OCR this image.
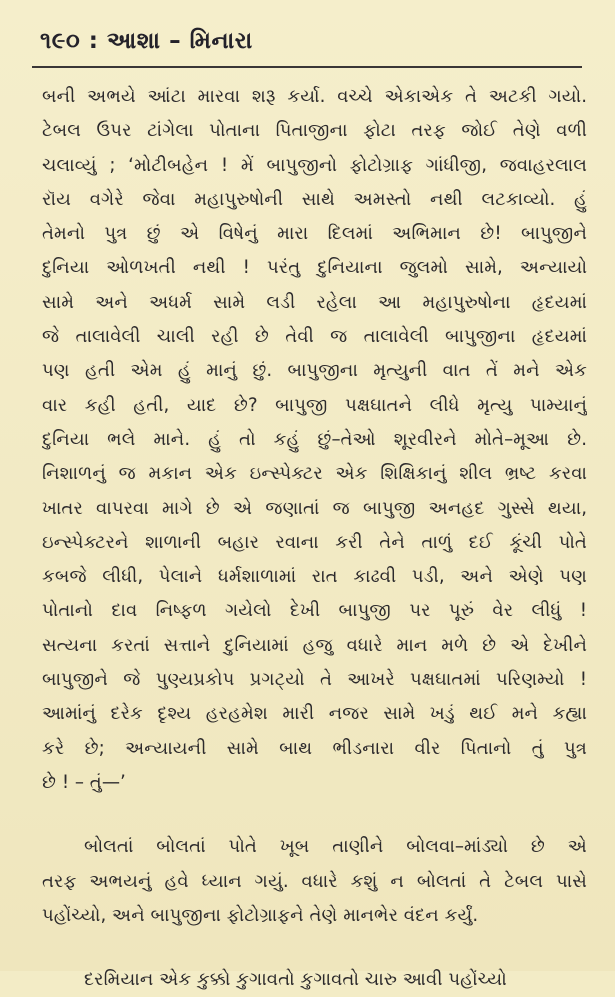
૧૯૦ : આશા – મિનારા
બની અભયે આંટા મારવા શરૂ કર્યા. વચ્ચે એકાએક તે અટકી ગયો.
ટેબલ ઉપર ટાંગેલા પોતાના પિતાજીના ફોટા તરફ જોઈ તેણે વળી
ચલાવ્યું ; ‘મોટીબહેન ! મેં બાપુજીનો ફોટોગ્રાફ ગાંધીજી, જવાહરલાલ
રૉય વગેરે જેવા મહાપુરુષોની સાથે અમસ્તો નથી લટકાવ્યો. હું
તેમનો પુત્ર છું એ વિષેનું મારા દિલમાં અભિમાન છે! બાપુજીને
દુનિયા ઓળખતી નથી ! પરંતુ દુનિયાના જુલમો સામે, અન્યાયો
સામે અને અધર્મ સામે લડી રહેલા આ મહાપુરુષોના હૃદયમાં
જે તાલાવેલી ચાલી રહી છે તેવી જ તાલાવેલી બાપુજીના હૃદયમાં
પણ હતી એમ હું માનું છું. બાપુજીના મૃત્યુની વાત તેં મને એક
વાર કહી હતી, યાદ છે? બાપુજી પક્ષઘાતને લીધે મૃત્યુ પામ્યાનું
દુનિયા ભલે માને. હું તો કહું છું–તેઓ શૂરવીરને મોતે–મૂઆ છે.
નિશાળનું જ મકાન એક ઇન્સ્પેક્ટર એક શિક્ષિકાનું શીલ ભ્રષ્ટ કરવા
ખાતર વાપરવા માગે છે એ જણાતાં જ બાપુજી અનહદ ગુસ્સે થયા,
ઇન્સ્પેક્ટરને શાળાની બહાર રવાના કરી તેને તાળું દઈ કૂંચી પોતે
કબજે લીધી, પેલાને ધર્મશાળામાં રાત કાઢવી પડી, અને એણે પણ
પોતાનો દાવ નિષ્ફળ ગયેલો દેખી બાપુજી પર પૂરું વેર લીધું !
સત્યના કરતાં સત્તાને દુનિયામાં હજુ વધારે માન મળે છે એ દેખીને
બાપુજીને જે પુણ્યપ્રકોપ પ્રગટ્યો તે આખરે પક્ષઘાતમાં પરિણમ્યો !
આમાંનું દરેક દૃશ્ય હરહમેશ મારી નજર સામે ખડું થઈ મને કહ્યા
કરે છે; અન્યાયની સામે બાથ ભીડનારા વીર પિતાનો તું પુત્ર
છે ! – તું—’
બોલતાં બોલતાં પોતે ખૂબ તાણીને બોલવા–માંડ્યો છે એ
તરફ અભયનું હવે ધ્યાન ગયું. વધારે કશું ન બોલતાં તે ટેબલ પાસે
પહોંચ્યો, અને બાપુજીના ફોટોગ્રાફને તેણે માનભેર વંદન કર્યું.
દરમિયાન એક કુક્કો કુગાવતો કુગાવતો ચારુ આવી પહોંચ્યો
